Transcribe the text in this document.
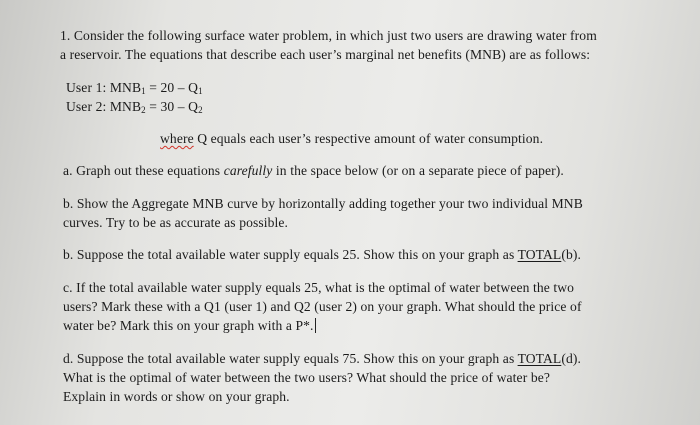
1. Consider the following surface water problem, in which just two users are drawing water from
a reservoir. The equations that describe each user’s marginal net benefits (MNB) are as follows:
User 1: MNB1 = 20 – Q1
User 2: MNB2 = 30 – Q2
where Q equals each user’s respective amount of water consumption.
a. Graph out these equations carefully in the space below (or on a separate piece of paper).
b. Show the Aggregate MNB curve by horizontally adding together your two individual MNB
curves. Try to be as accurate as possible.
b. Suppose the total available water supply equals 25. Show this on your graph as TOTAL(b).
c. If the total available water supply equals 25, what is the optimal of water between the two
users? Mark these with a Q1 (user 1) and Q2 (user 2) on your graph. What should the price of
water be? Mark this on your graph with a P*.
d. Suppose the total available water supply equals 75. Show this on your graph as TOTAL(d).
What is the optimal of water between the two users? What should the price of water be?
Explain in words or show on your graph.
